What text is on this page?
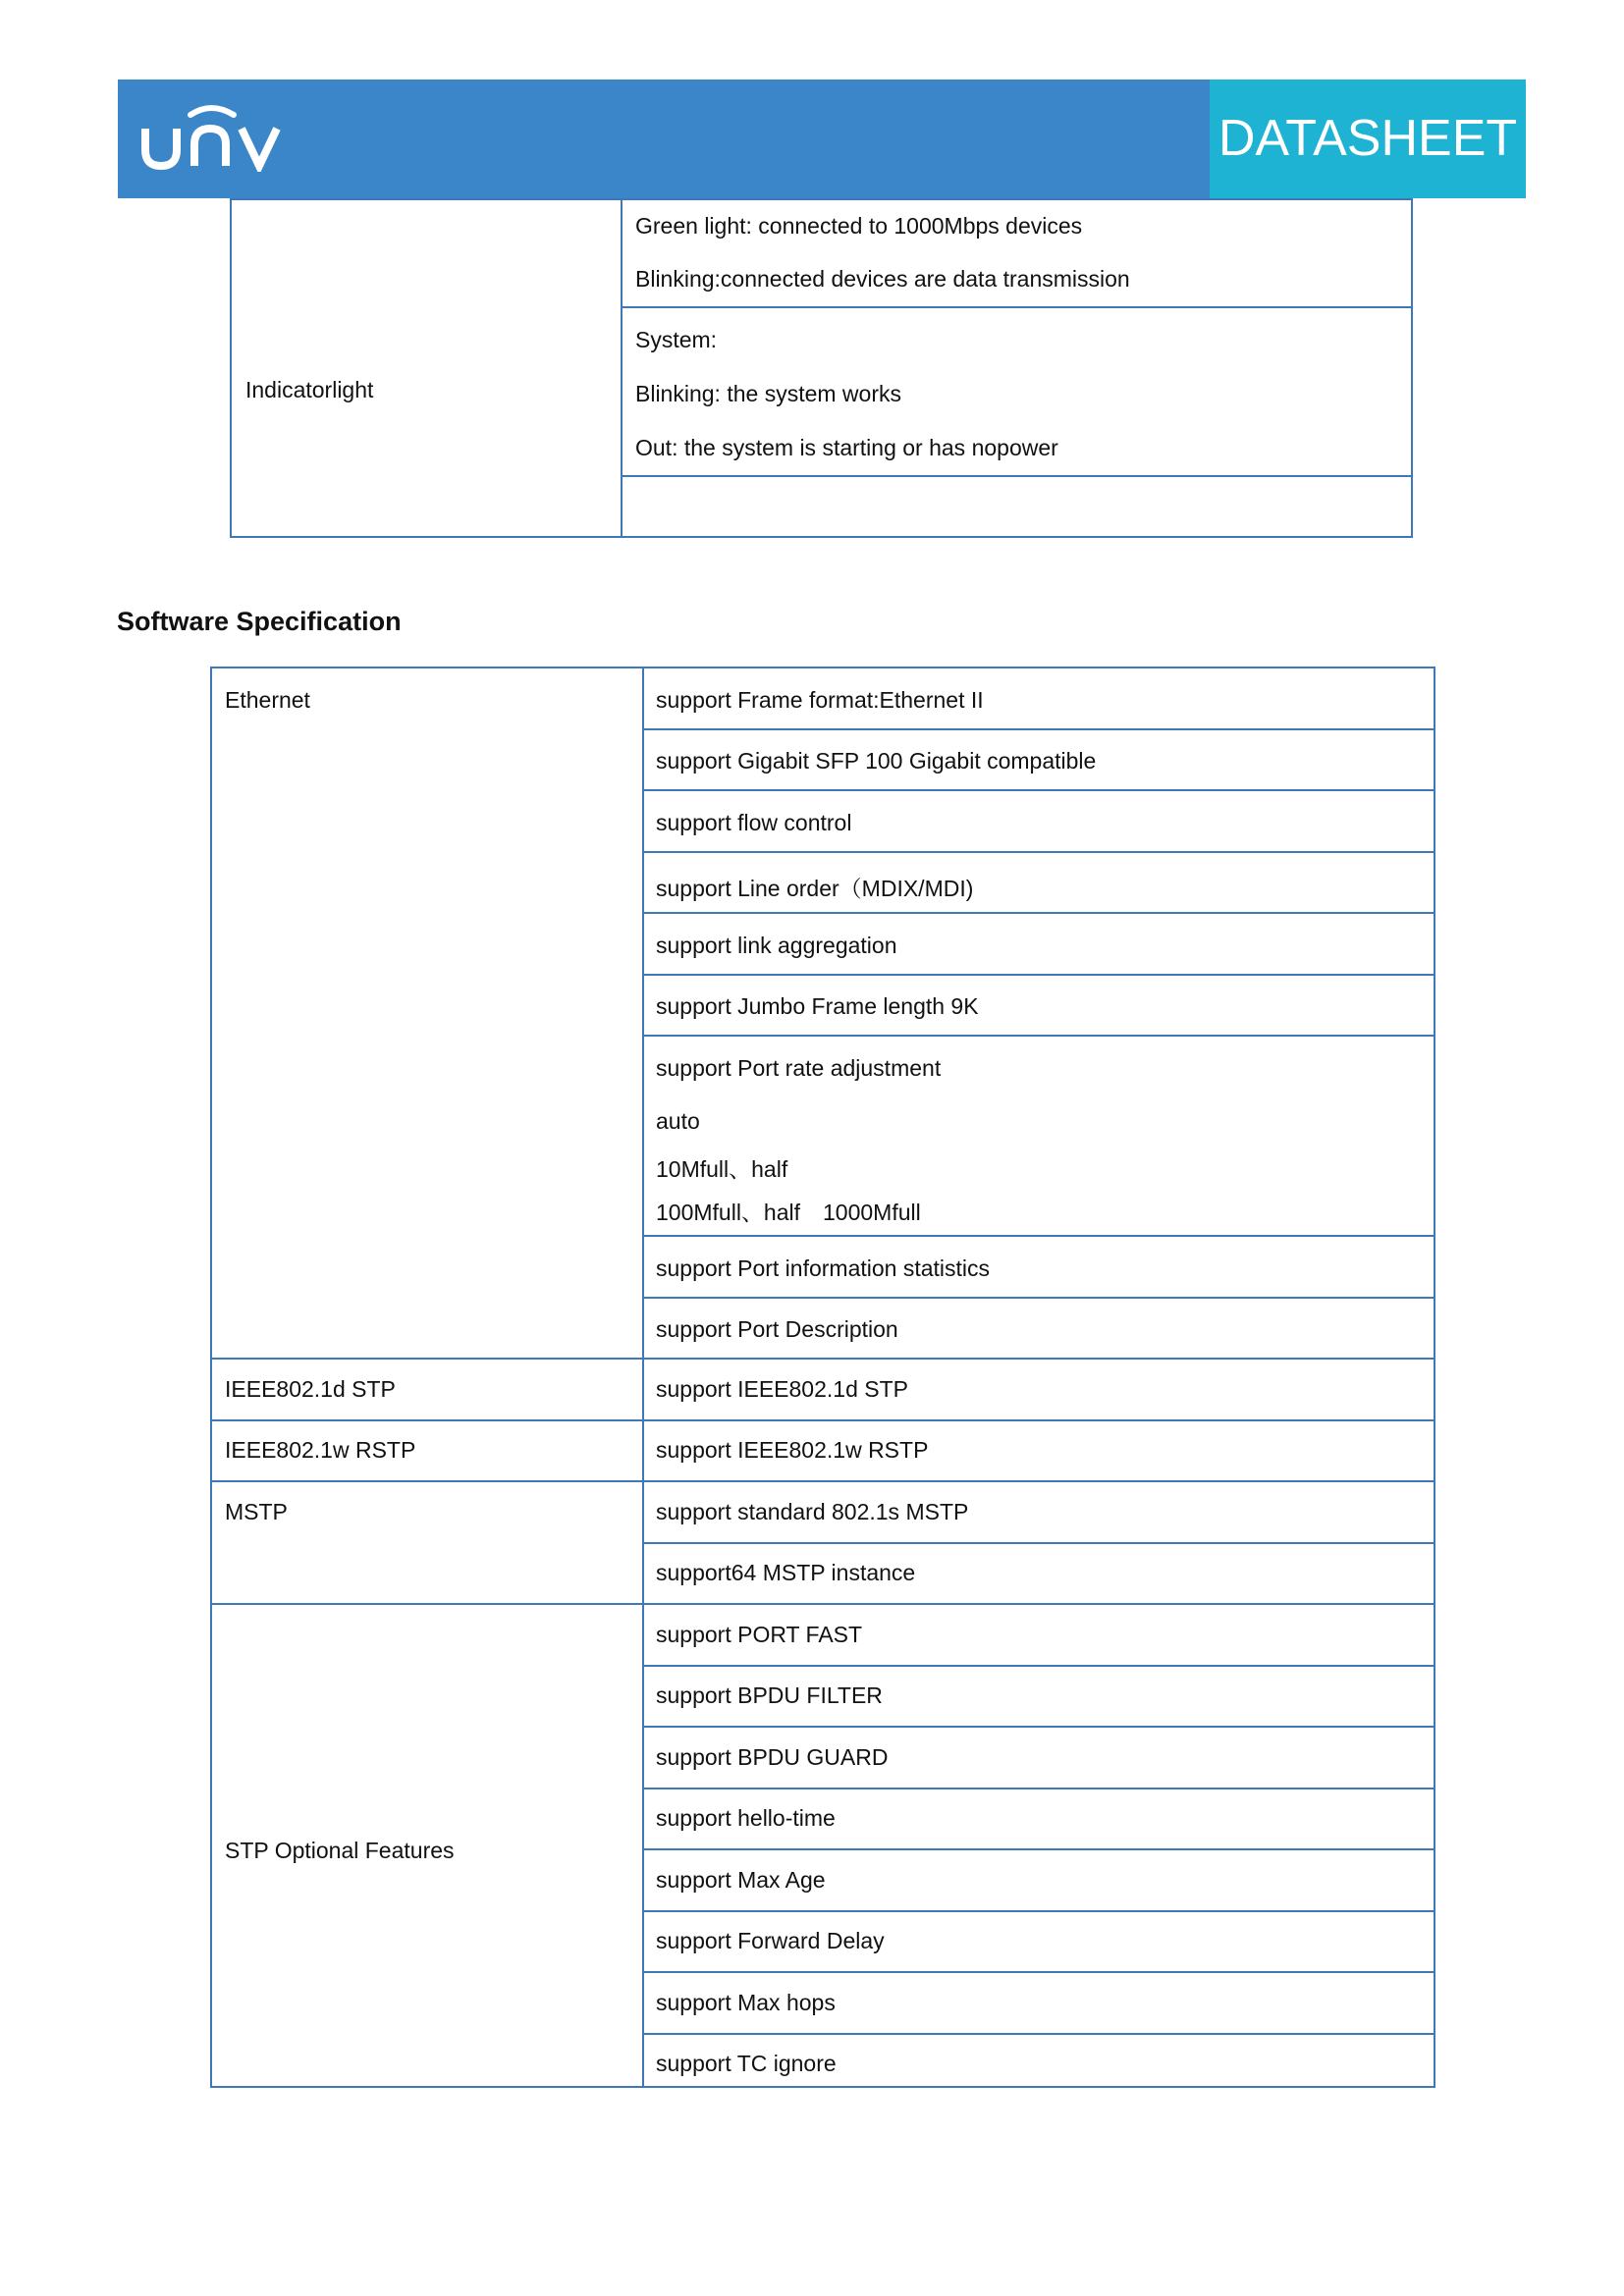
DATASHEET
Indicatorlight
Green light: connected to 1000Mbps devices
Blinking:connected devices are data transmission
System:
Blinking: the system works
Out: the system is starting or has nopower
Software Specification
Ethernet
IEEE802.1d STP
IEEE802.1w RSTP
MSTP
STP Optional Features
support Frame format:Ethernet II
support Gigabit SFP 100 Gigabit compatible
support flow control
support Line order（MDIX/MDI)
support link aggregation
support Jumbo Frame length 9K
support Port rate adjustment
auto
10Mfull、half
100Mfull、half　1000Mfull
support Port information statistics
support Port Description
support IEEE802.1d STP
support IEEE802.1w RSTP
support standard 802.1s MSTP
support64 MSTP instance
support PORT FAST
support BPDU FILTER
support BPDU GUARD
support hello-time
support Max Age
support Forward Delay
support Max hops
support TC ignore
